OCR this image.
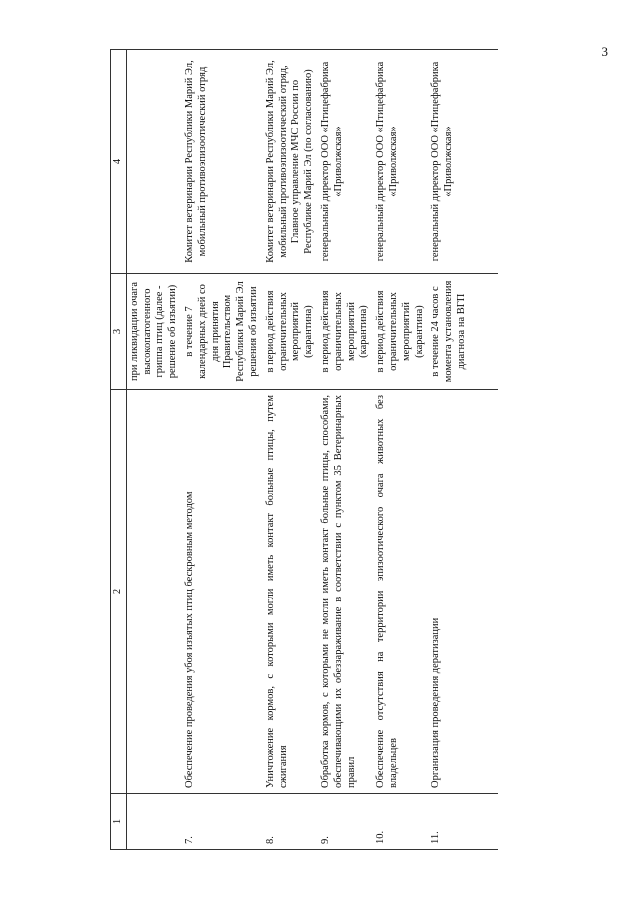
3
1	2	3	4
		при ликвидации очага высокопатогенного гриппа птиц (далее - решение об изъятии)	
7.	Обеспечение проведения убоя изъятых птиц бескровным методом	в течение 7 календарных дней со дня принятия Правительством Республики Марий Эл решения об изъятии	Комитет ветеринарии Республики Марий Эл, мобильный противоэпизоотический отряд
8.	Уничтожение кормов, с которыми могли иметь контакт больные птицы, путем сжигания	в период действия ограничительных мероприятий (карантина)	Комитет ветеринарии Республики Марий Эл, мобильный противоэпизоотический отряд, Главное управление МЧС России по Республике Марий Эл (по согласованию)
9.	Обработка кормов, с которыми не могли иметь контакт больные птицы, способами, обеспечивающими их обеззараживание в соответствии с пунктом 35 Ветеринарных правил	в период действия ограничительных мероприятий (карантина)	генеральный директор ООО «Птицефабрика «Приволжская»
10.	Обеспечение отсутствия на территории эпизоотического очага животных без владельцев	в период действия ограничительных мероприятий (карантина)	генеральный директор ООО «Птицефабрика «Приволжская»
11.	Организация проведения дератизации	в течение 24 часов с момента установления диагноза на ВГП	генеральный директор ООО «Птицефабрика «Приволжская»
